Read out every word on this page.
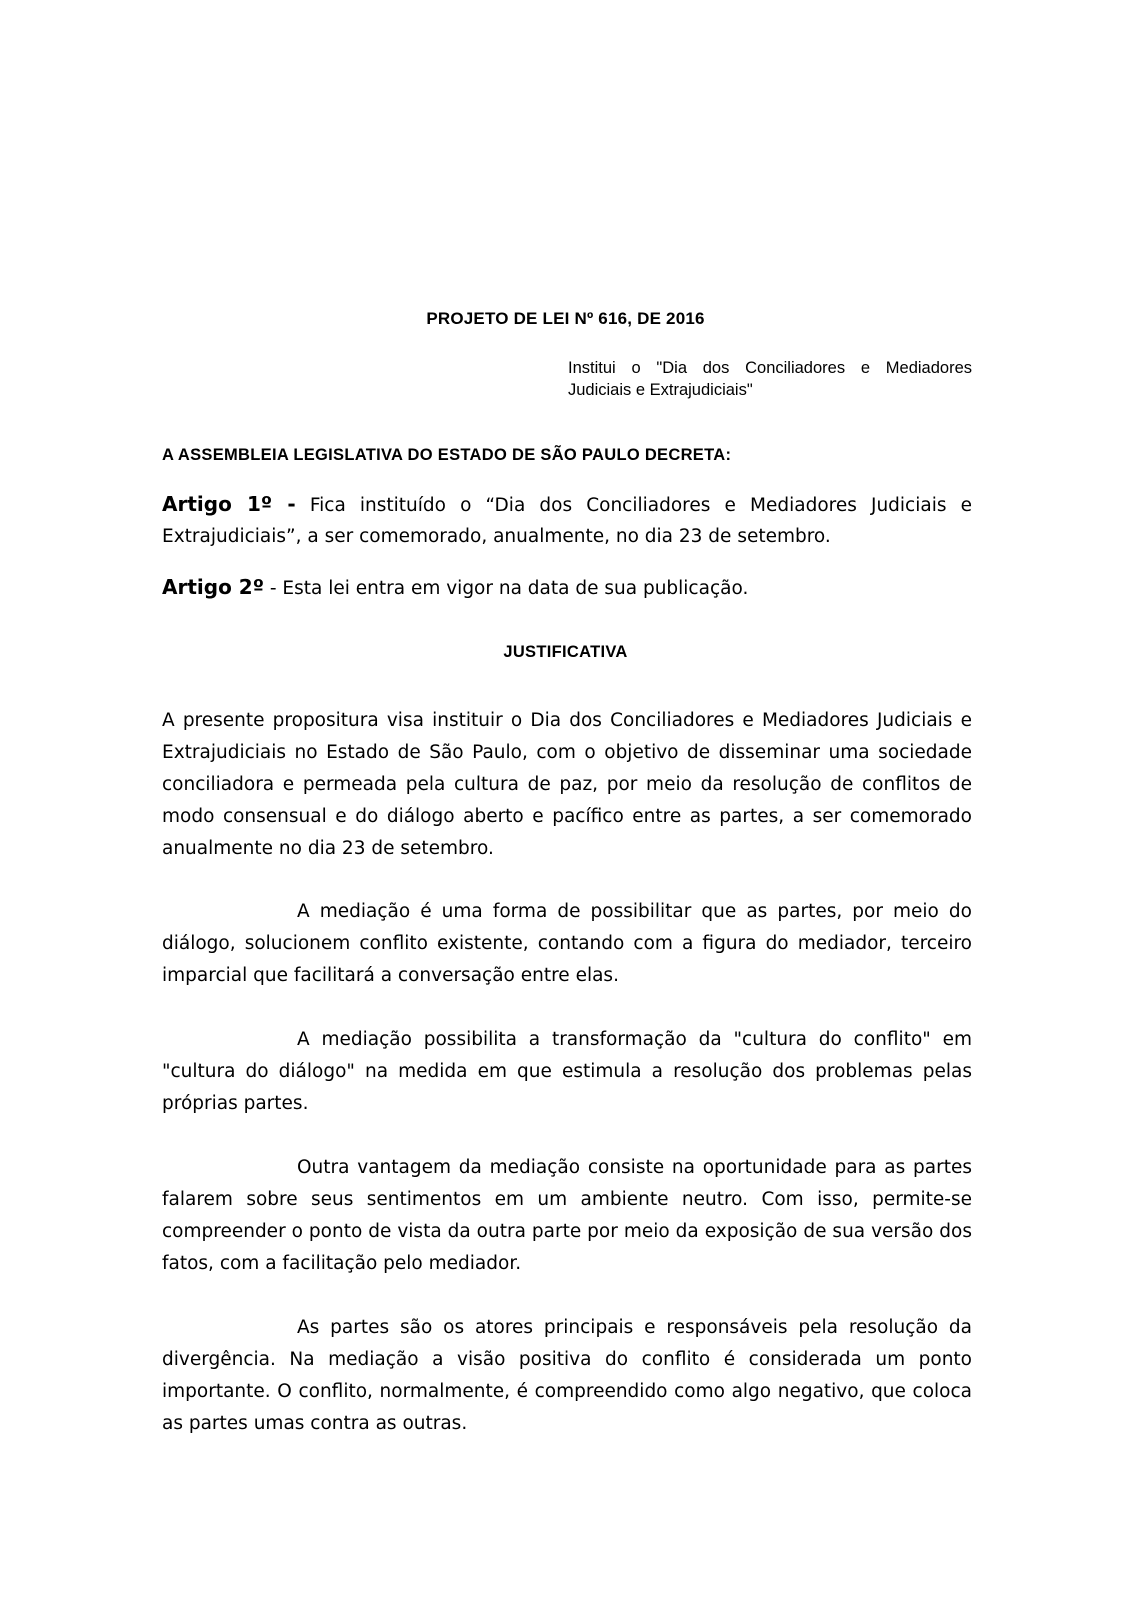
PROJETO DE LEI Nº 616, DE 2016

Institui o "Dia dos Conciliadores e Mediadores Judiciais e Extrajudiciais"

A ASSEMBLEIA LEGISLATIVA DO ESTADO DE SÃO PAULO DECRETA:

Artigo 1º - Fica instituído o “Dia dos Conciliadores e Mediadores Judiciais e Extrajudiciais”, a ser comemorado, anualmente, no dia 23 de setembro.

Artigo 2º - Esta lei entra em vigor na data de sua publicação.

JUSTIFICATIVA

A presente propositura visa instituir o Dia dos Conciliadores e Mediadores Judiciais e Extrajudiciais no Estado de São Paulo, com o objetivo de disseminar uma sociedade conciliadora e permeada pela cultura de paz, por meio da resolução de conflitos de modo consensual e do diálogo aberto e pacífico entre as partes, a ser comemorado anualmente no dia 23 de setembro.

A mediação é uma forma de possibilitar que as partes, por meio do diálogo, solucionem conflito existente, contando com a figura do mediador, terceiro imparcial que facilitará a conversação entre elas.

A mediação possibilita a transformação da "cultura do conflito" em "cultura do diálogo" na medida em que estimula a resolução dos problemas pelas próprias partes.

Outra vantagem da mediação consiste na oportunidade para as partes falarem sobre seus sentimentos em um ambiente neutro. Com isso, permite-se compreender o ponto de vista da outra parte por meio da exposição de sua versão dos fatos, com a facilitação pelo mediador.

As partes são os atores principais e responsáveis pela resolução da divergência. Na mediação a visão positiva do conflito é considerada um ponto importante. O conflito, normalmente, é compreendido como algo negativo, que coloca as partes umas contra as outras.
